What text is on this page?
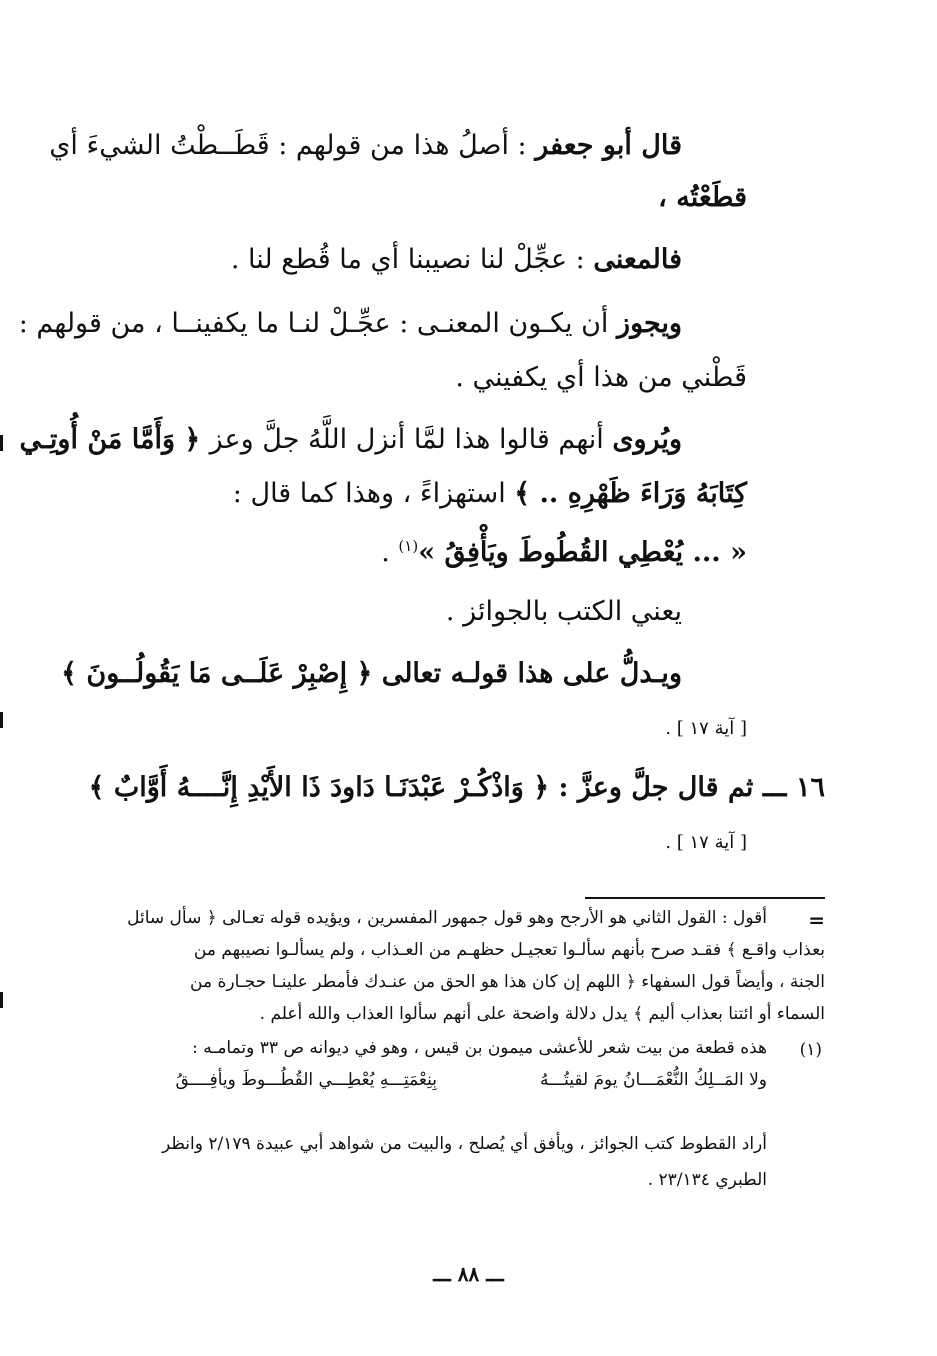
قال أبو جعفر : أصلُ هذا من قولهم : قَطَــطْتُ الشيءَ أي
قطَعْتُه ،
فالمعنى : عجِّلْ لنا نصيبنا أي ما قُطع لنا .
ويجوز أن يكـون المعنـى : عجِّـلْ لنـا ما يكفينــا ، من قولهم :
قَطْني من هذا أي يكفيني .
ويُروى أنهم قالوا هذا لمَّا أنزل اللَّهُ جلَّ وعز ﴿ وَأَمَّا مَنْ أُوتِـي
كِتَابَهُ وَرَاءَ ظَهْرِهِ .. ﴾ استهزاءً ، وهذا كما قال :
« ... يُعْطِي القُطُوطَ ويَأْفِقُ »$^{(١)}$ .
يعني الكتب بالجوائز .
ويـدلُّ على هذا قولـه تعالى ﴿ إِصْبِرْ عَلَــى مَا يَقُولُــونَ ﴾
[ آية ١٧ ] .
١٦ ـــ ثم قال جلَّ وعزَّ : ﴿ وَاذْكُـرْ عَبْدَنَـا دَاودَ ذَا الأَيْدِ إِنَّــــهُ أَوَّابٌ ﴾
[ آية ١٧ ] .
=
أقول : القول الثاني هو الأرجح وهو قول جمهور المفسرين ، ويؤيده قوله تعـالى ﴿ سأل سائل
بعذاب واقـع ﴾ فقـد صرح بأنهم سألـوا تعجيـل حظهـم من العـذاب ، ولم يسألـوا نصيبهم من
الجنة ، وأيضاً قول السفهاء ﴿ اللهم إن كان هذا هو الحق من عنـدك فأمطر علينـا حجـارة من
السماء أو ائتنا بعذاب أليم ﴾ يدل دلالة واضحة على أنهم سألوا العذاب والله أعلم .
(١)
هذه قطعة من بيت شعر للأعشى ميمون بن قيس ، وهو في ديوانه ص ٣٣ وتمامـه :
ولا المَــلِكُ النُّعْمَـــانُ يومَ لقيتُـــهُ
بِنِعْمَتِـــهِ يُعْطِـــي القُطُـــوطَ ويأفِــــقُ
أراد القطوط كتب الجوائز ، ويأفق أي يُصلح ، والبيت من شواهد أبي عبيدة ٢/١٧٩ وانظر
الطبري ٢٣/١٣٤ .
ـــ ٨٨ ـــ
